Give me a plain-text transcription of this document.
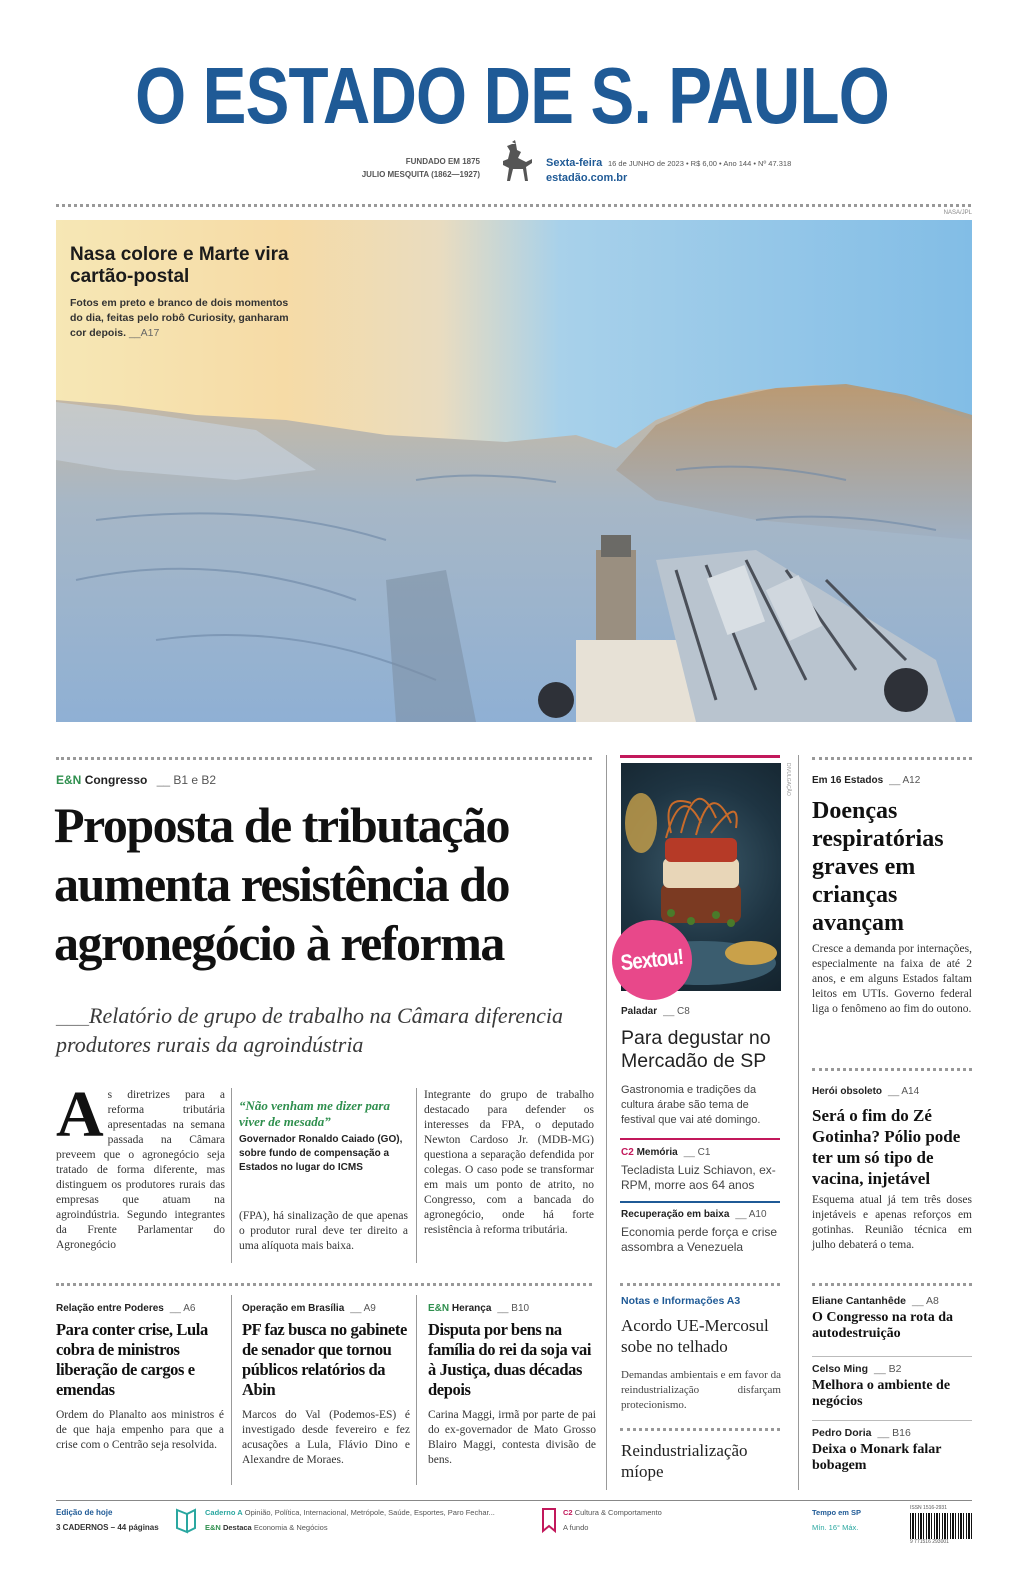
O ESTADO DE S. PAULO
FUNDADO EM 1875
JULIO MESQUITA (1862—1927)
Sexta-feira 16 de JUNHO de 2023 • R$ 6,00 • Ano 144 • Nº 47.318
estadão.com.br
NASA/JPL
Nasa colore e Marte vira cartão-postal
Fotos em preto e branco de dois momentos do dia, feitas pelo robô Curiosity, ganharam cor depois. __A17
E&N Congresso __ B1 e B2
Proposta de tributação aumenta resistência do agronegócio à reforma
___Relatório de grupo de trabalho na Câmara diferencia produtores rurais da agroindústria
A s diretrizes para a reforma tributária apresentadas na semana passada na Câmara preveem que o agronegócio seja tratado de forma diferente, mas distinguem os produtores rurais das empresas que atuam na agroindústria. Segundo integrantes da Frente Parlamentar do Agronegócio
“Não venham me dizer para viver de mesada”
Governador Ronaldo Caiado (GO), sobre fundo de compensação a Estados no lugar do ICMS
(FPA), há sinalização de que apenas o produtor rural deve ter direito a uma alíquota mais baixa.
Integrante do grupo de trabalho destacado para defender os interesses da FPA, o deputado Newton Cardoso Jr. (MDB-MG) questiona a separação defendida por colegas. O caso pode se transformar em mais um ponto de atrito, no Congresso, com a bancada do agronegócio, onde há forte resistência à reforma tributária.
DIVULGAÇÃO
Sextou!
Paladar __ C8
Para degustar no Mercadão de SP
Gastronomia e tradições da cultura árabe são tema de festival que vai até domingo.
C2 Memória __ C1
Tecladista Luiz Schiavon, ex-RPM, morre aos 64 anos
Recuperação em baixa __ A10
Economia perde força e crise assombra a Venezuela
Notas e Informações A3
Acordo UE-Mercosul sobe no telhado
Demandas ambientais e em favor da reindustrialização disfarçam protecionismo.
Reindustrialização míope
Em 16 Estados __ A12
Doenças respiratórias graves em crianças avançam
Cresce a demanda por internações, especialmente na faixa de até 2 anos, e em alguns Estados faltam leitos em UTIs. Governo federal liga o fenômeno ao fim do outono.
Herói obsoleto __ A14
Será o fim do Zé Gotinha? Pólio pode ter um só tipo de vacina, injetável
Esquema atual já tem três doses injetáveis e apenas reforços em gotinhas. Reunião técnica em julho debaterá o tema.
Eliane Cantanhêde __ A8
O Congresso na rota da autodestruição
Celso Ming __ B2
Melhora o ambiente de negócios
Pedro Doria __ B16
Deixa o Monark falar bobagem
Relação entre Poderes __ A6
Para conter crise, Lula cobra de ministros liberação de cargos e emendas
Ordem do Planalto aos ministros é de que haja empenho para que a crise com o Centrão seja resolvida.
Operação em Brasília __ A9
PF faz busca no gabinete de senador que tornou públicos relatórios da Abin
Marcos do Val (Podemos-ES) é investigado desde fevereiro e fez acusações a Lula, Flávio Dino e Alexandre de Moraes.
E&N Herança __ B10
Disputa por bens na família do rei da soja vai à Justiça, duas décadas depois
Carina Maggi, irmã por parte de pai do ex-governador de Mato Grosso Blairo Maggi, contesta divisão de bens.
Edição de hoje
3 CADERNOS – 44 páginas
Caderno A Opinião, Política, Internacional, Metrópole, Saúde, Esportes, Paro Fechar...
E&N Destaca Economia & Negócios
C2 Cultura & Comportamento
A fundo
Tempo em SP
Mín. 16° Máx.
ISSN 1516-2931
9 771516 293001
